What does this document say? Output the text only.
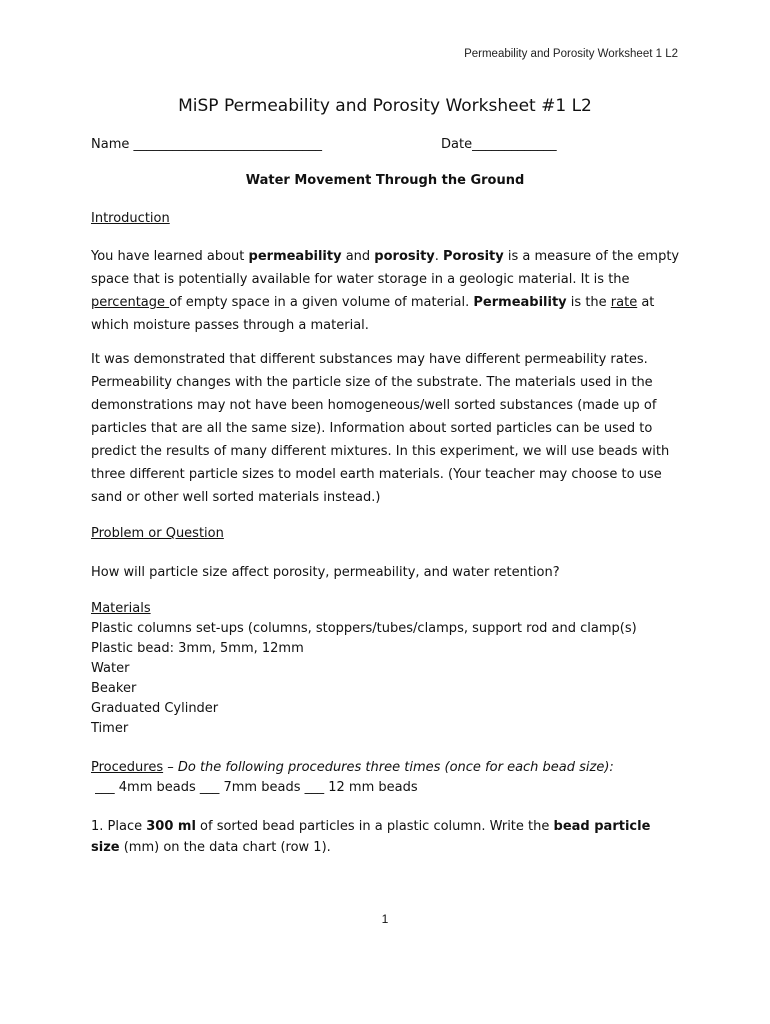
Permeability and Porosity Worksheet 1 L2
MiSP Permeability and Porosity Worksheet #1 L2
Name _____________________________	Date_____________
Water Movement Through the Ground

Introduction

You have learned about permeability and porosity. Porosity is a measure of the empty space that is potentially available for water storage in a geologic material. It is the percentage of empty space in a given volume of material. Permeability is the rate at which moisture passes through a material.

It was demonstrated that different substances may have different permeability rates. Permeability changes with the particle size of the substrate. The materials used in the demonstrations may not have been homogeneous/well sorted substances (made up of particles that are all the same size). Information about sorted particles can be used to predict the results of many different mixtures. In this experiment, we will use beads with three different particle sizes to model earth materials. (Your teacher may choose to use sand or other well sorted materials instead.)

Problem or Question

How will particle size affect porosity, permeability, and water retention?

Materials
Plastic columns set-ups (columns, stoppers/tubes/clamps, support rod and clamp(s)
Plastic bead: 3mm, 5mm, 12mm
Water
Beaker
Graduated Cylinder
Timer
Procedures – Do the following procedures three times (once for each bead size):
___ 4mm beads ___ 7mm beads ___ 12 mm beads

1. Place 300 ml of sorted bead particles in a plastic column. Write the bead particle size (mm) on the data chart (row 1).

1
